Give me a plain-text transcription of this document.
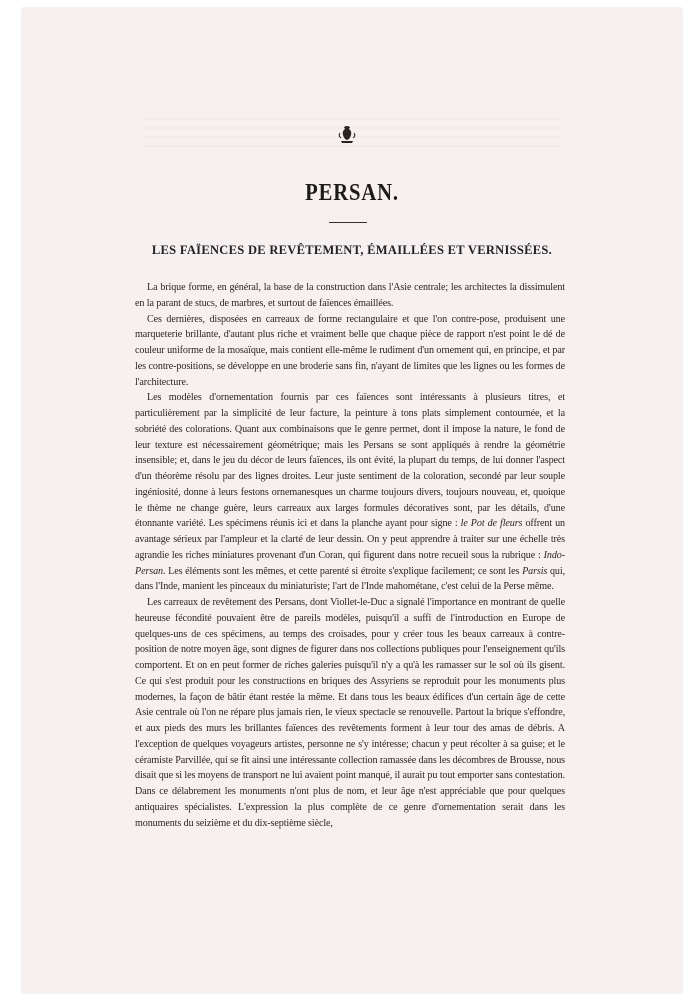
PERSAN.
LES FAÏENCES DE REVÊTEMENT, ÉMAILLÉES ET VERNISSÉES.

La brique forme, en général, la base de la construction dans l'Asie centrale; les architectes la dissimulent en la parant de stucs, de marbres, et surtout de faïences émaillées.

Ces dernières, disposées en carreaux de forme rectangulaire et que l'on contre-pose, produisent une marqueterie brillante, d'autant plus riche et vraiment belle que chaque pièce de rapport n'est point le dé de couleur uniforme de la mosaïque, mais contient elle-même le rudiment d'un ornement qui, en principe, et par les contre-positions, se développe en une broderie sans fin, n'ayant de limites que les lignes ou les formes de l'architecture.

Les modèles d'ornementation fournis par ces faïences sont intéressants à plusieurs titres, et particulièrement par la simplicité de leur facture, la peinture à tons plats simplement contournée, et la sobriété des colorations. Quant aux combinaisons que le genre permet, dont il impose la nature, le fond de leur texture est nécessairement géométrique; mais les Persans se sont appliqués à rendre la géométrie insensible; et, dans le jeu du décor de leurs faïences, ils ont évité, la plupart du temps, de lui donner l'aspect d'un théorème résolu par des lignes droites. Leur juste sentiment de la coloration, secondé par leur souple ingéniosité, donne à leurs festons ornemanesques un charme toujours divers, toujours nouveau, et, quoique le thème ne change guère, leurs carreaux aux larges formules décoratives sont, par les détails, d'une étonnante variété. Les spécimens réunis ici et dans la planche ayant pour signe : le Pot de fleurs offrent un avantage sérieux par l'ampleur et la clarté de leur dessin. On y peut apprendre à traiter sur une échelle très agrandie les riches miniatures provenant d'un Coran, qui figurent dans notre recueil sous la rubrique : Indo-Persan. Les éléments sont les mêmes, et cette parenté si étroite s'explique facilement; ce sont les Parsis qui, dans l'Inde, manient les pinceaux du miniaturiste; l'art de l'Inde mahométane, c'est celui de la Perse même.

Les carreaux de revêtement des Persans, dont Viollet-le-Duc a signalé l'importance en montrant de quelle heureuse fécondité pouvaient être de pareils modèles, puisqu'il a suffi de l'introduction en Europe de quelques-uns de ces spécimens, au temps des croisades, pour y créer tous les beaux carreaux à contre-position de notre moyen âge, sont dignes de figurer dans nos collections publiques pour l'enseignement qu'ils comportent. Et on en peut former de riches galeries puisqu'il n'y a qu'à les ramasser sur le sol où ils gisent. Ce qui s'est produit pour les constructions en briques des Assyriens se reproduit pour les monuments plus modernes, la façon de bâtir étant restée la même. Et dans tous les beaux édifices d'un certain âge de cette Asie centrale où l'on ne répare plus jamais rien, le vieux spectacle se renouvelle. Partout la brique s'effondre, et aux pieds des murs les brillantes faïences des revêtements forment à leur tour des amas de débris. A l'exception de quelques voyageurs artistes, personne ne s'y intéresse; chacun y peut récolter à sa guise; et le céramiste Parvillée, qui se fit ainsi une intéressante collection ramassée dans les décombres de Brousse, nous disait que si les moyens de transport ne lui avaient point manqué, il aurait pu tout emporter sans contestation. Dans ce délabrement les monuments n'ont plus de nom, et leur âge n'est appréciable que pour quelques antiquaires spécialistes. L'expression la plus complète de ce genre d'ornementation serait dans les monuments du seizième et du dix-septième siècle,
